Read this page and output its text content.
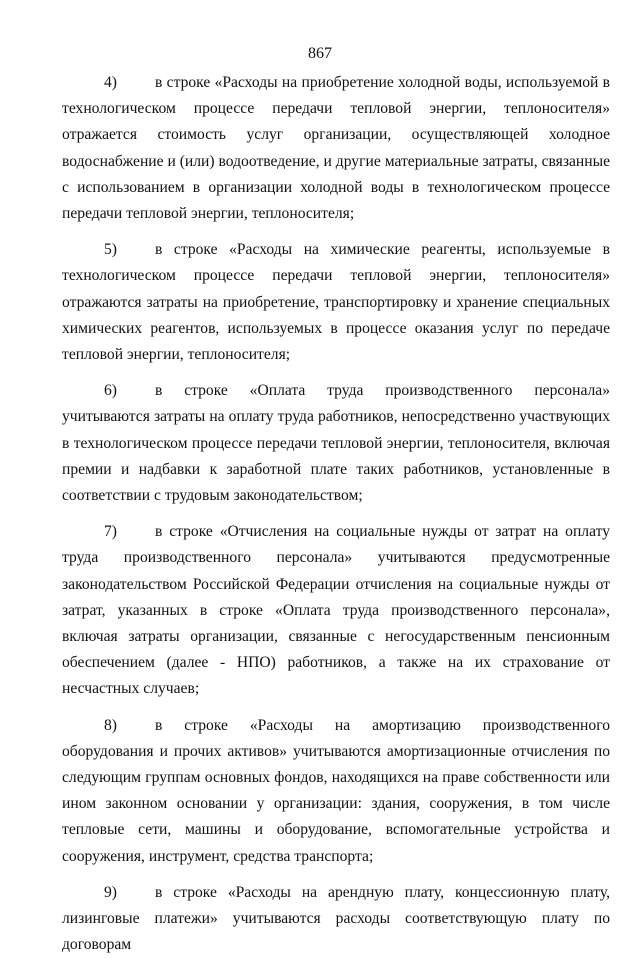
867

4) в строке «Расходы на приобретение холодной воды, используемой в технологическом процессе передачи тепловой энергии, теплоносителя» отражается стоимость услуг организации, осуществляющей холодное водоснабжение и (или) водоотведение, и другие материальные затраты, связанные с использованием в организации холодной воды в технологическом процессе передачи тепловой энергии, теплоносителя;

5) в строке «Расходы на химические реагенты, используемые в технологическом процессе передачи тепловой энергии, теплоносителя» отражаются затраты на приобретение, транспортировку и хранение специальных химических реагентов, используемых в процессе оказания услуг по передаче тепловой энергии, теплоносителя;

6) в строке «Оплата труда производственного персонала» учитываются затраты на оплату труда работников, непосредственно участвующих в технологическом процессе передачи тепловой энергии, теплоносителя, включая премии и надбавки к заработной плате таких работников, установленные в соответствии с трудовым законодательством;

7) в строке «Отчисления на социальные нужды от затрат на оплату труда производственного персонала» учитываются предусмотренные законодательством Российской Федерации отчисления на социальные нужды от затрат, указанных в строке «Оплата труда производственного персонала», включая затраты организации, связанные с негосударственным пенсионным обеспечением (далее - НПО) работников, а также на их страхование от несчастных случаев;

8) в строке «Расходы на амортизацию производственного оборудования и прочих активов» учитываются амортизационные отчисления по следующим группам основных фондов, находящихся на праве собственности или ином законном основании у организации: здания, сооружения, в том числе тепловые сети, машины и оборудование, вспомогательные устройства и сооружения, инструмент, средства транспорта;

9) в строке «Расходы на арендную плату, концессионную плату, лизинговые платежи» учитываются расходы соответствующую плату по договорам
